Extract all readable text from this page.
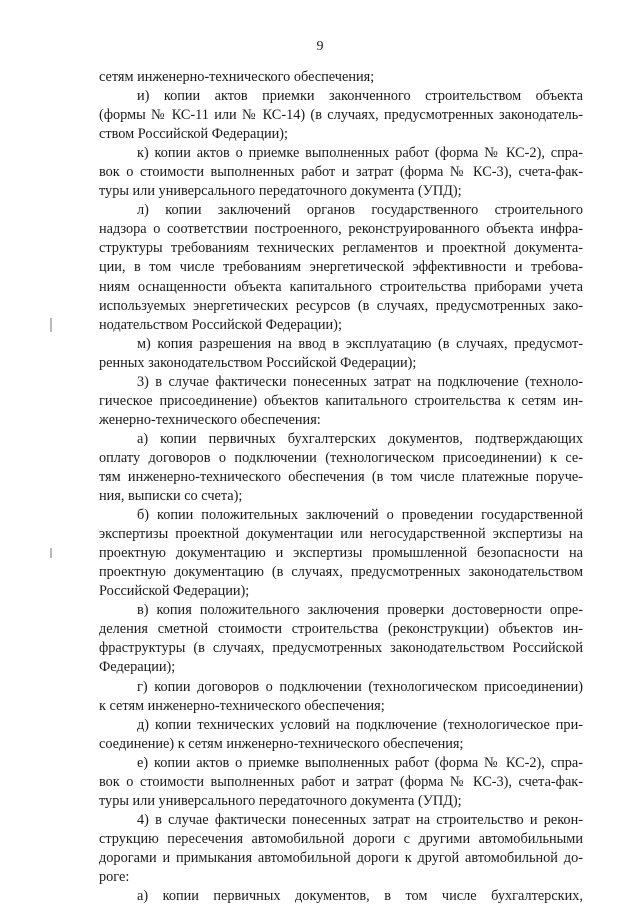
9
сетям инженерно-технического обеспечения;
и) копии актов приемки законченного строительством объекта
(формы № КС-11 или № КС-14) (в случаях, предусмотренных законодатель-
ством Российской Федерации);
к) копии актов о приемке выполненных работ (форма № КС-2), спра-
вок о стоимости выполненных работ и затрат (форма № КС-3), счета-фак-
туры или универсального передаточного документа (УПД);
л) копии заключений органов государственного строительного
надзора о соответствии построенного, реконструированного объекта инфра-
структуры требованиям технических регламентов и проектной документа-
ции, в том числе требованиям энергетической эффективности и требова-
ниям оснащенности объекта капитального строительства приборами учета
используемых энергетических ресурсов (в случаях, предусмотренных зако-
нодательством Российской Федерации);
м) копия разрешения на ввод в эксплуатацию (в случаях, предусмот-
ренных законодательством Российской Федерации);
3) в случае фактически понесенных затрат на подключение (техноло-
гическое присоединение) объектов капитального строительства к сетям ин-
женерно-технического обеспечения:
а) копии первичных бухгалтерских документов, подтверждающих
оплату договоров о подключении (технологическом присоединении) к се-
тям инженерно-технического обеспечения (в том числе платежные поруче-
ния, выписки со счета);
б) копии положительных заключений о проведении государственной
экспертизы проектной документации или негосударственной экспертизы на
проектную документацию и экспертизы промышленной безопасности на
проектную документацию (в случаях, предусмотренных законодательством
Российской Федерации);
в) копия положительного заключения проверки достоверности опре-
деления сметной стоимости строительства (реконструкции) объектов ин-
фраструктуры (в случаях, предусмотренных законодательством Российской
Федерации);
г) копии договоров о подключении (технологическом присоединении)
к сетям инженерно-технического обеспечения;
д) копии технических условий на подключение (технологическое при-
соединение) к сетям инженерно-технического обеспечения;
е) копии актов о приемке выполненных работ (форма № КС-2), спра-
вок о стоимости выполненных работ и затрат (форма № КС-3), счета-фак-
туры или универсального передаточного документа (УПД);
4) в случае фактически понесенных затрат на строительство и рекон-
струкцию пересечения автомобильной дороги с другими автомобильными
дорогами и примыкания автомобильной дороги к другой автомобильной до-
роге:
а) копии первичных документов, в том числе бухгалтерских,
